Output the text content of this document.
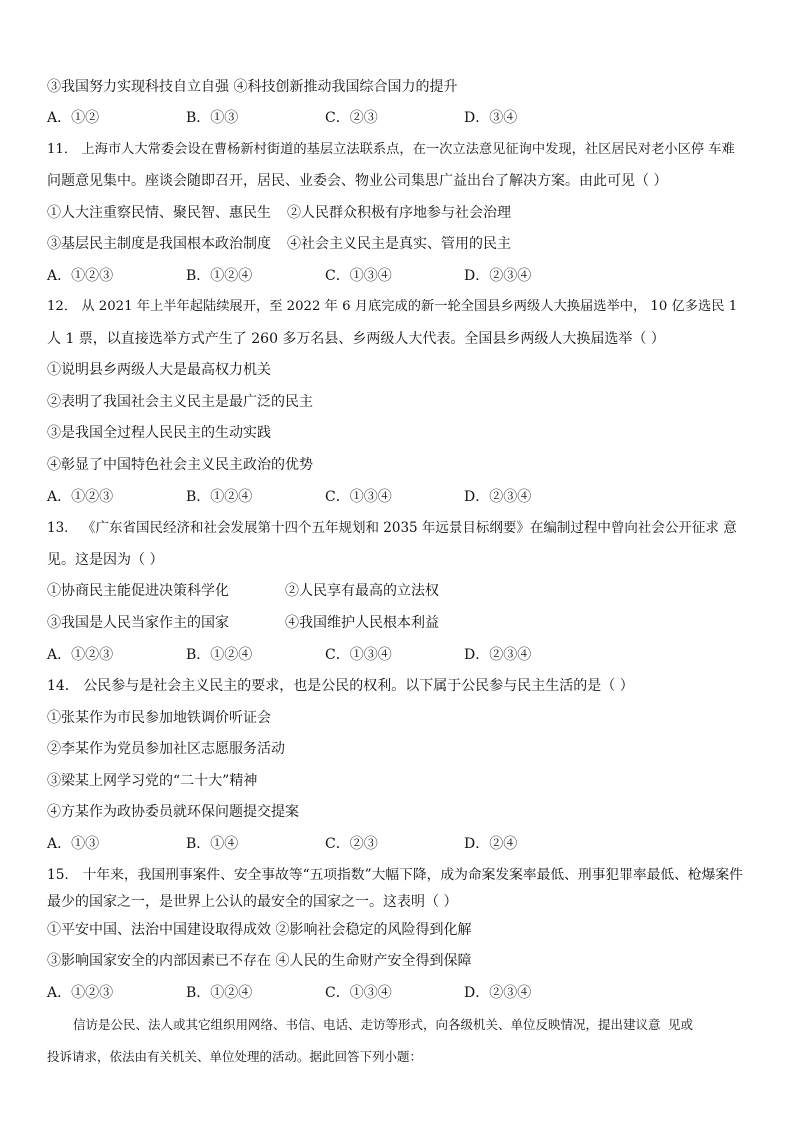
③我国努力实现科技自立自强 ④科技创新推动我国综合国力的提升
A．①②	B．①③	C．②③	D．③④
11． 上海市人大常委会设在曹杨新村街道的基层立法联系点，在一次立法意见征询中发现，社区居民对老小区停 车难
问题意见集中。座谈会随即召开，居民、业委会、物业公司集思广益出台了解决方案。由此可见（ ）
①人大注重察民情、聚民智、惠民生 ②人民群众积极有序地参与社会治理
③基层民主制度是我国根本政治制度 ④社会主义民主是真实、管用的民主
A．①②③	B．①②④	C．①③④	D．②③④
12． 从 2021 年上半年起陆续展开，至 2022 年 6 月底完成的新一轮全国县乡两级人大换届选举中， 10 亿多选民 1
人 1 票，以直接选举方式产生了 260 多万名县、乡两级人大代表。全国县乡两级人大换届选举（ ）
①说明县乡两级人大是最高权力机关
②表明了我国社会主义民主是最广泛的民主
③是我国全过程人民民主的生动实践
④彰显了中国特色社会主义民主政治的优势
A．①②③	B．①②④	C．①③④	D．②③④
13． 《广东省国民经济和社会发展第十四个五年规划和 2035 年远景目标纲要》在编制过程中曾向社会公开征求 意
见。这是因为（ ）
①协商民主能促进决策科学化	②人民享有最高的立法权
③我国是人民当家作主的国家	④我国维护人民根本利益
A．①②③	B．①②④	C．①③④	D．②③④
14． 公民参与是社会主义民主的要求，也是公民的权利。以下属于公民参与民主生活的是（ ）
①张某作为市民参加地铁调价听证会
②李某作为党员参加社区志愿服务活动
③梁某上网学习党的“二十大”精神
④方某作为政协委员就环保问题提交提案
A．①③	B．①④	C．②③	D．②④
15． 十年来，我国刑事案件、安全事故等“五项指数”大幅下降，成为命案发案率最低、刑事犯罪率最低、枪爆案件
最少的国家之一，是世界上公认的最安全的国家之一。这表明（ ）
①平安中国、法治中国建设取得成效 ②影响社会稳定的风险得到化解
③影响国家安全的内部因素已不存在 ④人民的生命财产安全得到保障
A．①②③	B．①②④	C．①③④	D．②③④
信访是公民、法人或其它组织用网络、书信、电话、走访等形式，向各级机关、单位反映情况，提出建议意 见或
投诉请求，依法由有关机关、单位处理的活动。据此回答下列小题：
